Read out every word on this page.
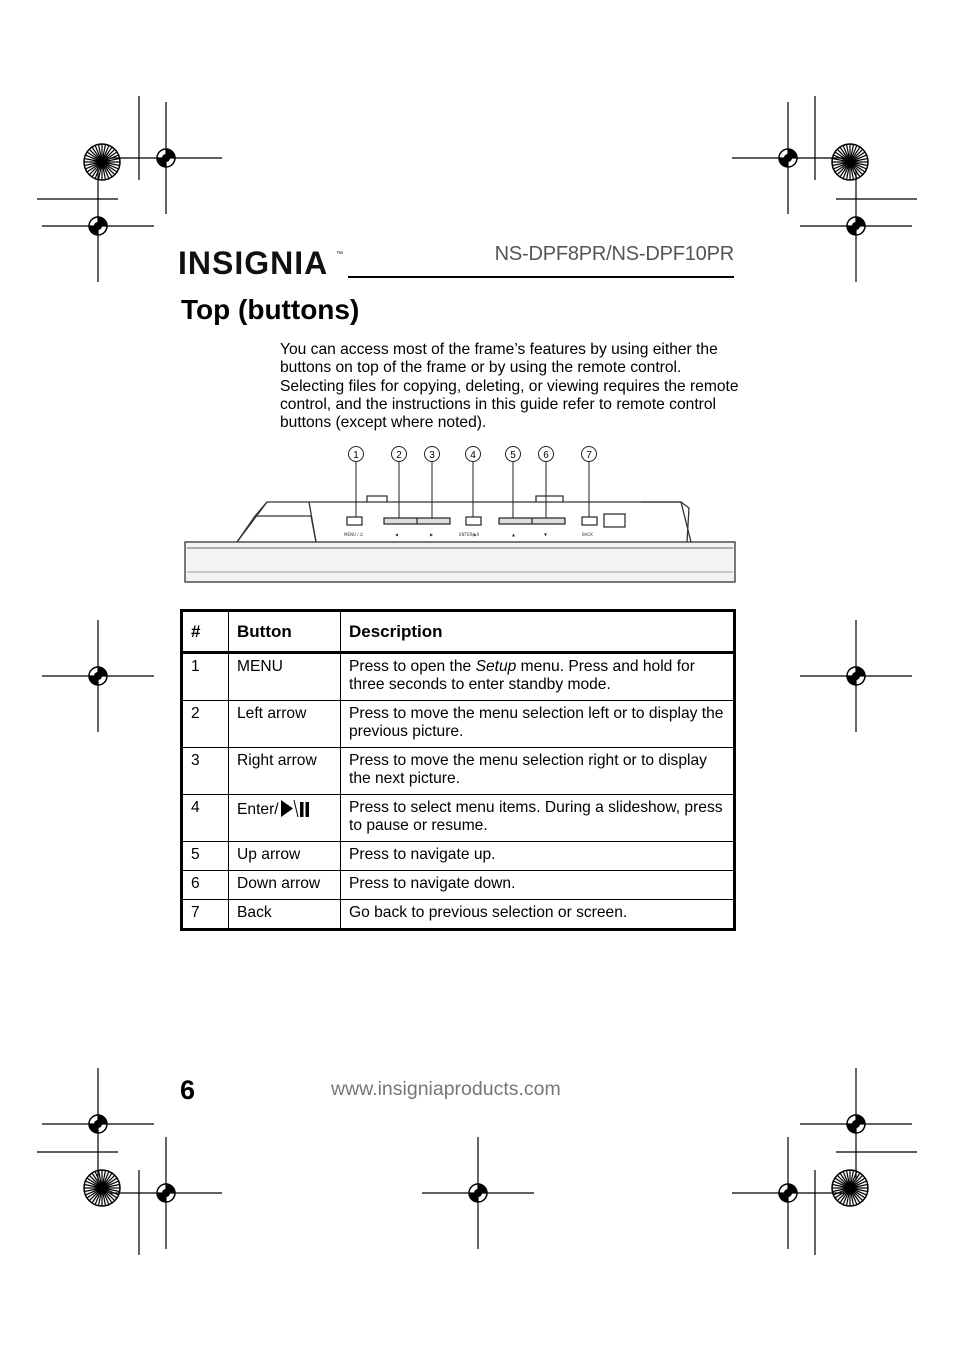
INSIGNIA ™	NS-DPF8PR/NS-DPF10PR
Top (buttons)

You can access most of the frame’s features by using either the buttons on top of the frame or by using the remote control. Selecting files for copying, deleting, or viewing requires the remote control, and the instructions in this guide refer to remote control buttons (except where noted).

MENU / ⏻	◀	▶	ENTER/▶II	▲	▼	BACK
1	2	3	4	5	6	7
#	Button	Description
1	MENU	Press to open the Setup menu. Press and hold for three seconds to enter standby mode.
2	Left arrow	Press to move the menu selection left or to display the previous picture.
3	Right arrow	Press to move the menu selection right or to display the next picture.
4	Enter/	Press to select menu items. During a slideshow, press to pause or resume.
5	Up arrow	Press to navigate up.
6	Down arrow	Press to navigate down.
7	Back	Go back to previous selection or screen.
6	www.insigniaproducts.com
